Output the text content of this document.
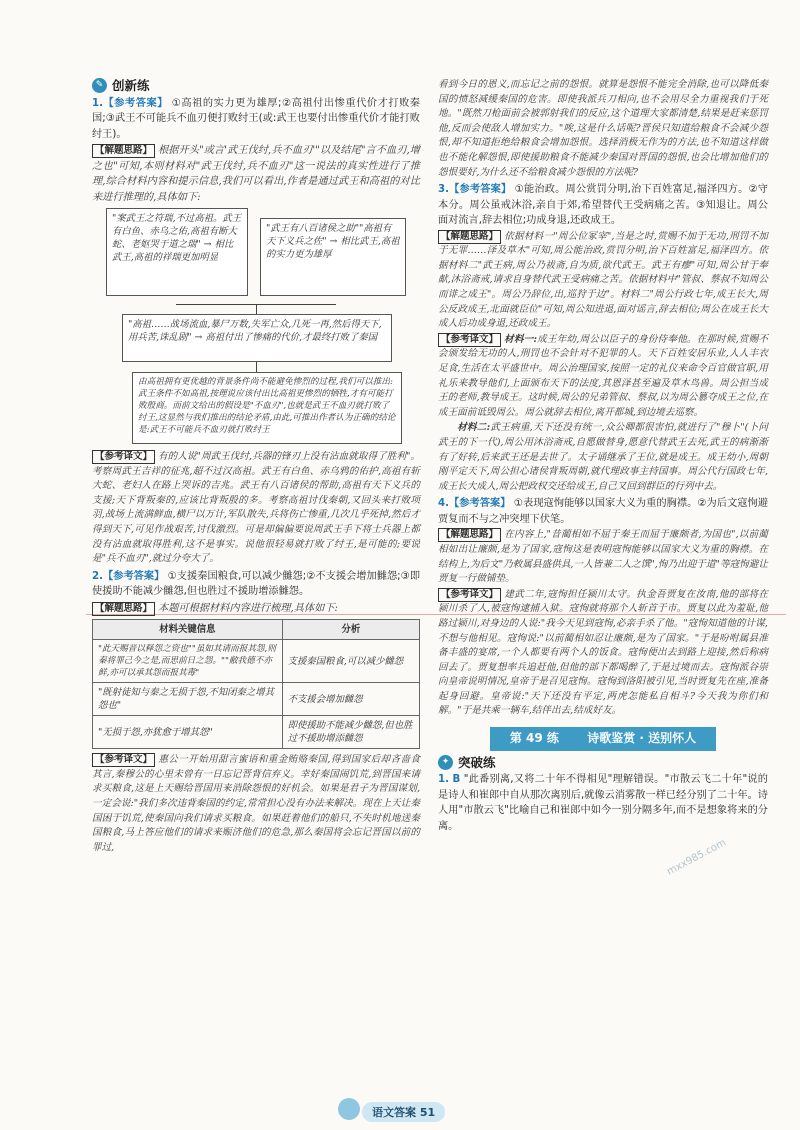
✎ 创新练
1.【参考答案】 ①高祖的实力更为雄厚;②高祖付出惨重代价才打败秦国;③武王不可能兵不血刃便打败纣王(或:武王也要付出惨重代价才能打败纣王)。
【解题思路】 根据开头"或言'武王伐纣,兵不血刃'"以及结尾"言不血刃,增之也"可知,本则材料对"武王伐纣,兵不血刃"这一说法的真实性进行了推理,综合材料内容和提示信息,我们可以看出,作者是通过武王和高祖的对比来进行推理的,具体如下:
"案武王之符瑞,不过高祖。武王有白鱼、赤乌之佑,高祖有断大蛇、老妪哭于道之瑞" → 相比武王,高祖的祥瑞更加明显
"武王有八百诸侯之助""高祖有天下义兵之佐" → 相比武王,高祖的实力更为雄厚
"高祖……战场流血,暴尸万数,失军亡众,几死一再,然后得天下,用兵苦,诛乱剧" → 高祖付出了惨痛的代价,才最终打败了秦国
由高祖拥有更优越的背景条件尚不能避免惨烈的过程,我们可以推出:武王条件不如高祖,按理说应该付出比高祖更惨烈的牺牲,才有可能打败殷商。而前文给出的假设是"不血刃",也就是武王不血刃就打败了纣王,这显然与我们推出的结论矛盾,由此,可推出作者认为正确的结论是:武王不可能兵不血刃就打败纣王
【参考译文】 有的人说"周武王伐纣,兵器的锋刃上没有沾血就取得了胜利"。考察周武王吉祥的征兆,超不过汉高祖。武王有白鱼、赤乌鸦的佑护,高祖有斩大蛇、老妇人在路上哭诉的吉兆。武王有八百诸侯的帮助,高祖有天下义兵的支援;天下背叛秦的,应该比背叛殷的多。考察高祖讨伐秦朝,又回头来打败项羽,战场上流满鲜血,横尸以万计,军队散失,兵将伤亡惨重,几次几乎死掉,然后才得到天下,可见作战艰苦,讨伐激烈。可是却偏偏要说周武王手下将士兵器上都没有沾血就取得胜利,这不是事实。说他很轻易就打败了纣王,是可能的;要说是"兵不血刃",就过分夸大了。
2.【参考答案】 ①支援秦国粮食,可以减少雠怨;②不支援会增加雠怨;③即使援助不能减少雠怨,但也胜过不援助增添雠怨。
【解题思路】 本题可根据材料内容进行梳理,具体如下:
材料关键信息	分析
"此天赐晋以释怨之资也""虽如其请而报其怨,则秦将罪己今之是,而思前日之怨。""敝我德不亦鲜,亦可以承其怨而报其毒"	支援秦国粮食,可以减少雠怨
"既射徒知与秦之无损于怨,不知闭秦之增其怨也"	不支援会增加雠怨
"无损于怨,亦犹愈于增其怨"	即使援助不能减少雠怨,但也胜过不援助增添雠怨
【参考译文】 惠公一开始用甜言蜜语和重金贿赂秦国,得到国家后却吝啬食其言,秦穆公的心里未曾有一日忘记晋背信弃义。幸好秦国闹饥荒,到晋国来请求买粮食,这是上天赐给晋国用来消除怨恨的好机会。如果是君子为晋国谋划,一定会说:"我们多次违背秦国的约定,常常担心没有办法来解决。现在上天让秦国困于饥荒,使秦国向我们请求买粮食。如果赶着他们的船只,不失时机地送秦国粮食,马上答应他们的请求来赈济他们的危急,那么秦国将会忘记晋国以前的罪过,
看到今日的恩义,而忘记之前的怨恨。就算是怨恨不能完全消除,也可以降低秦国的愤怒减缓秦国的危害。即使我派兵刀相向,也不会用尽全力重视我们于死地。"既然刀枪面前会被郭射我们的反应,这个道理大家都清楚,结果是赶来惩罚他,反而会使敌人增加实力。"唉,这是什么话呢?晋侯只知道给粮食不会减少怨恨,却不知道拒绝给粮食会增加怨恨。选择消极无作为的方法,也不知道这样做也不能化解怨恨,即使援助粮食不能减少秦国对晋国的怨恨,也会比增加他们的怨恨要好,为什么还不给粮食减少怨恨的方法呢?
3.【参考答案】 ①能治政。周公赏罚分明,治下百姓富足,福泽四方。②守本分。周公虽戒沐浴,亲自于郊,希望替代王受病痛之苦。③知退让。周公面对流言,辞去相位;功成身退,还政成王。
【解题思路】 依据材料一"周公位冢宰",当是之时,赏赐不加于无功,刑罚不加于无罪……泽及草木"可知,周公能治政,赏罚分明,治下百姓富足,福泽四方。依据材料二"武王病,周公乃祓斋,自为质,欲代武王。武王有瘳"可知,周公甘于奉献,沐浴斋戒,请求自身替代武王受病痛之苦。依据材料中"管叔、蔡叔不知周公而诽之成王"。周公乃辞位,出,巡狩于边"。材料二"周公行政七年,成王长大,周公反政成王,北面就臣位"可知,周公知进退,面对谣言,辞去相位;周公在成王长大成人后功成身退,还政成王。
【参考译文】 材料一:成王年幼,周公以臣子的身份侍奉他。在那时候,赏赐不会颁发给无功的人,刑罚也不会针对不犯罪的人。天下百姓安居乐业,人人丰衣足食,生活在太平盛世中。周公治理国家,按照一定的礼仪来命令百官做官职,用礼乐来教导他们,上面颁布天下的法度,其恩泽甚至遍及草木鸟兽。周公担当成王的老师,教导成王。这时候,周公的兄弟管叔、蔡叔,以为周公篡夺成王之位,在成王面前诋毁周公。周公就辞去相位,离开都城,到边境去巡察。
材料二:武王病重,天下还没有统一,众公卿都很害怕,就进行了"穆卜"(卜问武王的下一代),周公用沐浴斋戒,自愿做替身,愿意代替武王去死,武王的病渐渐有了好转,后来武王还是去世了。太子诵继承了王位,就是成王。成王幼小,周朝刚平定天下,周公担心诸侯背叛周朝,就代理政事主持国事。周公代行国政七年,成王长大成人,周公把政权交还给成王,自己又回到群臣的行列中去。
4.【参考答案】 ①表现寇恂能够以国家大义为重的胸襟。②为后文寇恂避贾复而不与之冲突埋下伏笔。
【解题思路】 在内容上,"昔蔺相如不屈于秦王而屈于廉颇者,为国也",以前蔺相如出让廉颇,是为了国家,寇恂这是表明寇恂能够以国家大义为重的胸襟。在结构上,为后文"乃敕属县盛供具,一人皆兼二人之馔",恂乃出迎于道"等寇恂避让贾复一行做铺垫。
【参考译文】 建武二年,寇恂担任颍川太守。执金吾贾复在汝南,他的部将在颍川杀了人,被寇恂逮捕入狱。寇恂就将那个人斩首于市。贾复以此为羞耻,他路过颍川,对身边的人说:"我今天见到寇恂,必亲手杀了他。"寇恂知道他的计谋,不想与他相见。寇恂说:"以前蔺相如忍让廉颇,是为了国家。"于是吩咐属县准备丰盛的宴席,一个人都要有两个人的饭食。寇恂便出去到路上迎接,然后称病回去了。贾复想率兵追赶他,但他的部下都喝醉了,于是过境而去。寇恂派谷崇向皇帝说明情况,皇帝于是召见寇恂。寇恂到洛阳被引见,当时贾复先在座,准备起身回避。皇帝说:"天下还没有平定,两虎怎能私自相斗?今天我为你们和解。"于是共乘一辆车,结伴出去,结成好友。
第 49 练 诗歌鉴赏 · 送别怀人
✦ 突破练
1. B "此番别离,又将二十年不得相见"理解错误。"市散云飞二十年"说的是诗人和崔郎中自从那次离别后,就像云消雾散一样已经分别了二十年。诗人用"市散云飞"比喻自己和崔郎中如今一别分隔多年,而不是想象将来的分离。
mxx985.com
语文答案 51
